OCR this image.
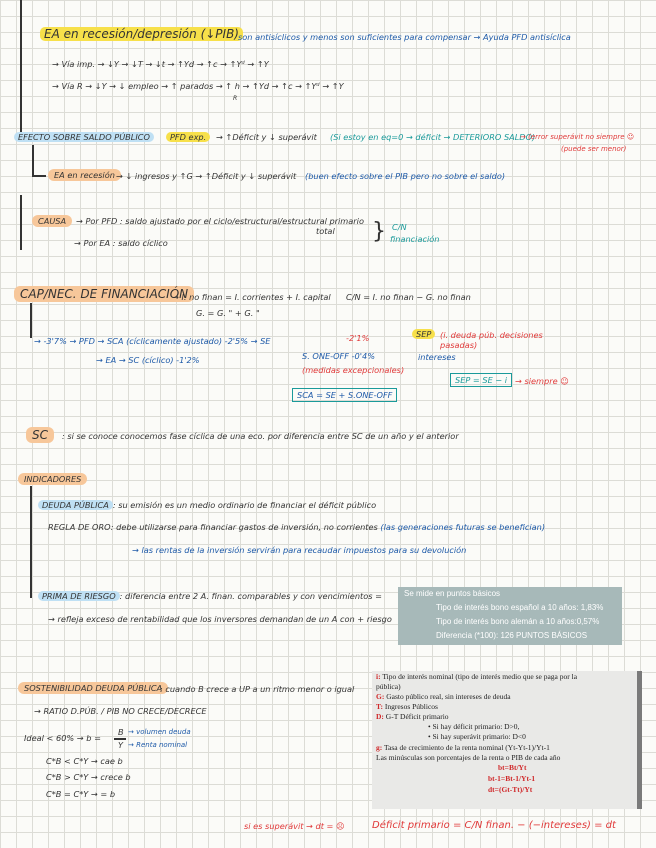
EA en recesión/depresión (↓PIB) son antisíclicos y menos son suficientes para compensar → Ayuda PFD antisíclica
→ Vía imp. → ↓Y → ↓T → ↓t → ↑Yd → ↑c → ↑Yᵈ → ↑Y
→ Vía R → ↓Y → ↓ empleo → ↑ parados → ↑ h → ↑Yd → ↑c → ↑Yᵈ → ↑Y
R
EFECTO SOBRE SALDO PÚBLICO	PFD exp.	→ ↑Déficit y ↓ superávit (Si estoy en eq=0 → déficit → DETERIORO SALDO)
→ (error superávit no siempre ☺
(puede ser menor)
EA en recesión → ↓ ingresos y ↑G → ↑Déficit y ↓ superávit (buen efecto sobre el PIB pero no sobre el saldo)
CAUSA	→ Por PFD : saldo ajustado por el ciclo/estructural/estructural primario
total
→ Por EA : saldo cíclico	} C/N
financiación
CAP/NEC. DE FINANCIACIÓN
→ I. no finan = I. corrientes + I. capital C/N = I. no finan − G. no finan
G. = G. " + G. "
→ -3'7% → PFD → SCA (cíclicamente ajustado) -2'5% → SE	-2'1%	SEP	(i. deuda púb. decisiones pasadas)
→ EA → SC (cíclico) -1'2%	S. ONE-OFF -0'4%
(medidas excepcionales)
intereses
SEP = SE − i → siempre ☺
SCA = SE + S.ONE-OFF
SC	: si se conoce conocemos fase cíclica de una eco. por diferencia entre SC de un año y el anterior
INDICADORES
DEUDA PÚBLICA : su emisión es un medio ordinario de financiar el déficit público
REGLA DE ORO: debe utilizarse para financiar gastos de inversión, no corrientes (las generaciones futuras se benefician)
→ las rentas de la inversión servirán para recaudar impuestos para su devolución
PRIMA DE RIESGO : diferencia entre 2 A. finan. comparables y con vencimientos =
→ refleja exceso de rentabilidad que los inversores demandan de un A con + riesgo
Se mide en puntos básicos
Tipo de interés bono español a 10 años: 1,83%
Tipo de interés bono alemán a 10 años:0,57%
Diferencia (*100): 126 PUNTOS BÁSICOS
SOSTENIBILIDAD DEUDA PÚBLICA
: cuando B crece a UP a un ritmo menor o igual
→ RATIO D.PÚB. / PIB NO CRECE/DECRECE
Ideal < 60% → b =
B
Y
→ volumen deuda
→ Renta nominal
C*B < C*Y → cae b
C*B > C*Y → crece b
C*B = C*Y → = b
i: Tipo de interés nominal (tipo de interés medio que se paga por la
pública)
G: Gasto público real, sin intereses de deuda
T: Ingresos Públicos
D: G-T Déficit primario
• Si hay déficit primario: D>0,
• Si hay superávit primario: D<0
g: Tasa de crecimiento de la renta nominal (Yt-Yt-1)/Yt-1
Las minúsculas son porcentajes de la renta o PIB de cada año
bt=Bt/Yt
bt-1=Bt-1/Yt-1
dt=(Gt-Tt)/Yt
si es superávit → dt = ☹	Déficit primario = C/N finan. − (−intereses) = dt
